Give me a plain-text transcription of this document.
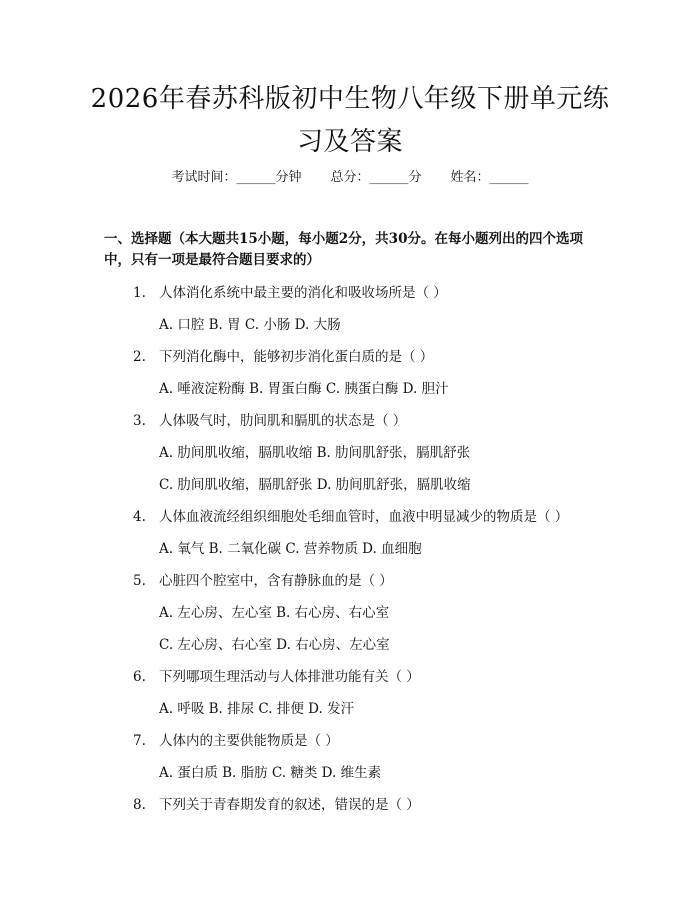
2026年春苏科版初中生物八年级下册单元练习及答案
考试时间：______分钟 总分：______分 姓名：______
一、选择题（本大题共15小题，每小题2分，共30分。在每小题列出的四个选项中，只有一项是最符合题目要求的）
1. 人体消化系统中最主要的消化和吸收场所是（ ）
A. 口腔 B. 胃 C. 小肠 D. 大肠
2. 下列消化酶中，能够初步消化蛋白质的是（ ）
A. 唾液淀粉酶 B. 胃蛋白酶 C. 胰蛋白酶 D. 胆汁
3. 人体吸气时，肋间肌和膈肌的状态是（ ）
A. 肋间肌收缩，膈肌收缩 B. 肋间肌舒张，膈肌舒张
C. 肋间肌收缩，膈肌舒张 D. 肋间肌舒张，膈肌收缩
4. 人体血液流经组织细胞处毛细血管时，血液中明显减少的物质是（ ）
A. 氧气 B. 二氧化碳 C. 营养物质 D. 血细胞
5. 心脏四个腔室中，含有静脉血的是（ ）
A. 左心房、左心室 B. 右心房、右心室
C. 左心房、右心室 D. 右心房、左心室
6. 下列哪项生理活动与人体排泄功能有关（ ）
A. 呼吸 B. 排尿 C. 排便 D. 发汗
7. 人体内的主要供能物质是（ ）
A. 蛋白质 B. 脂肪 C. 糖类 D. 维生素
8. 下列关于青春期发育的叙述，错误的是（ ）
